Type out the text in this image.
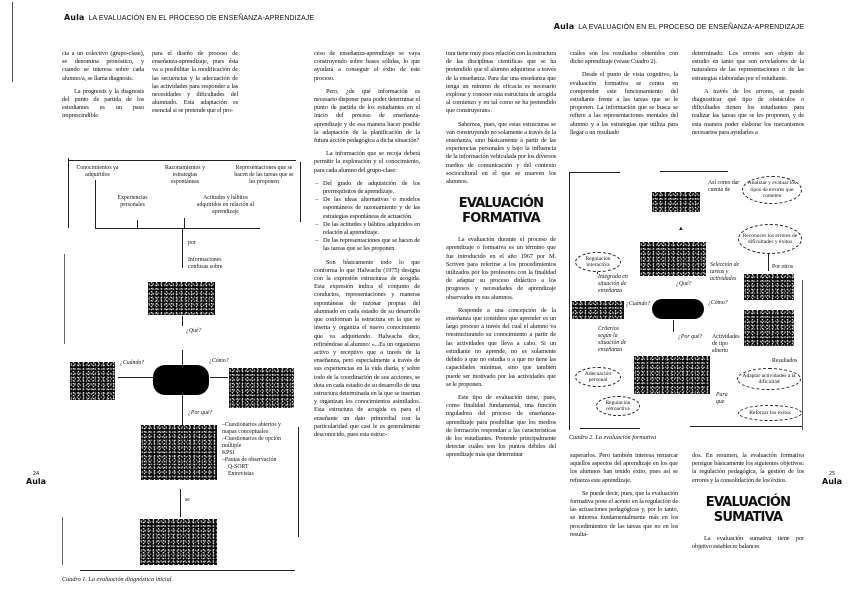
Aula LA EVALUACIÓN EN EL PROCESO DE ENSEÑANZA-APRENDIZAJE

cia a un colectivo (grupo-clase), se denomina pronóstico, y cuando se interesa sobre cada alumno/a, se llama diagnosis.

La prognosis y la diagnosis del punto de partida de los estudiantes es un paso imprescindible

para el diseño de proceso de enseñanza-aprendizaje, pues ésta va a posibilitar la modificación de las secuencias y la adecuación de las actividades para responder a las necesidades y dificultades del alumnado. Esta adaptación es esencial si se pretende que el pro-

ceso de enseñanza-aprendizaje se vaya construyendo sobre bases sólidas, lo que ayudará a conseguir el éxito de este proceso.

Pero, ¿de qué información es necesario disponer para poder determinar el punto de partida de los estudiantes en el inicio del proceso de enseñanza-aprendizaje y de esa manera hacer posible la adaptación de la planificación de la futura acción pedagógica a dicha situación?

La información que se recoja deberá permitir la exploración y el conocimiento, para cada alumno del grupo-clase:

– Del grado de adquisición de los prerrequisitos de aprendizaje.
– De las ideas alternativas o modelos espontáneos de razonamiento y de las estrategias espontáneas de actuación.
– De las actitudes y hábitos adquiridos en relación al aprendizaje.
– De las representaciones que se hacen de las tareas que se les proponen.

Son básicamente todo lo que conforma lo que Halwachs (1975) designa con la expresión estructuras de acogida. Esta expresión indica el conjunto de conductos, representaciones y maneras espontáneas de razonar propias del alumnado en cada estadio de su desarrollo que conforman la estructura en la que se inserta y organiza el nuevo conocimiento que va adquiriendo. Halwachs dice, refiriéndose al alumno: «...Es un organismo activo y receptivo que a través de la enseñanza, pero especialmente a través de sus experiencias en la vida diaria, y sobre todo de la coordinación de sus acciones, se dota en cada estadio de su desarrollo de una estructura determinada en la que se insertan y organizan los conocimientos asimilados. Esta estructura de acogida es para el enseñante un dato primordial con la particularidad que casi le es generalmente desconocido, pues esta estruc-

Conocimientos ya adquiridos
Razonamientos y estrategias espontáneas
Representaciones que se hacen de las tareas que se les proponen
Experiencias personales
Actitudes y hábitos adquiridos en relación al aprendizaje
por
Informaciones confusas sobre
¿Qué?
¿Cuándo?	¿Cómo?
¿Por qué?
–Cuestionarios abiertos y mapas conceptuales
–Cuestionarios de opción múltiple
KPSI
–Pautas de observación
Q-SORT
Entrevistas
se
Cuadro 1. La evaluación diagnóstica inicial
24
Aula
Aula LA EVALUACIÓN EN EL PROCESO DE ENSEÑANZA-APRENDIZAJE

tura tiene muy poca relación con la estructura de las disciplinas científicas que se ha pretendido que el alumno adquiriese a través de la enseñanza. Para dar una enseñanza que tenga un mínimo de eficacia es necesario explorar y conocer esta estructura de acogida al comienzo y en tal como se ha pretendido que construyeran».

Sabemos, pues, que estas estructuras se van construyendo no solamente a través de la enseñanza, sino básicamente a partir de las experiencias personales y bajo la influencia de la información vehiculada por los diversos medios de comunicación y del contexto sociocultural en el que se mueven los alumnos.

EVALUACIÓN
FORMATIVA

La evaluación durante el proceso de aprendizaje o formativa es un término que fue introducido en el año 1967 por M. Scriven para referirse a los procedimientos utilizados por los profesores con la finalidad de adaptar su proceso didáctico a los progresos y necesidades de aprendizaje observados en sus alumnos.

Responde a una concepción de la enseñanza que considera que aprender es un largo proceso a través del cual el alumno va reestructurando su conocimiento a partir de las actividades que lleva a cabo. Si un estudiante no aprende, no es solamente debido a que no estudia o a que no tiene las capacidades mínimas, sino que también puede ser motivado por las actividades que se le proponen.

Este tipo de evaluación tiene, pues, como finalidad fundamental, una función reguladora del proceso de enseñanza-aprendizaje para posibilitar que los medios de formación respondan a las características de los estudiantes. Pretende principalmente detectar cuáles son los puntos débiles del aprendizaje más que determinar

cuáles son los resultados obtenidos con dicho aprendizaje (véase Cuadro 2).

Desde el punto de vista cognitivo, la evaluación formativa se centra en comprender este funcionamiento del estudiante frente a las tareas que se le proponen. La información que se busca se refiere a las representaciones mentales del alumno y a las estrategias que utiliza para llegar a un resultado

determinado. Los errores son objeto de estudio en tanto que son reveladores de la naturaleza de las representaciones o de las estrategias elaboradas por el estudiante.

A través de los errores, se puede diagnosticar qué tipo de obstáculos o dificultades tienen los estudiantes para realizar las tareas que se les proponen, y de esta manera poder elaborar los mecanismos necesarios para ayudarles a

Así como dar cuenta de
Analizar y evaluar los tipos de errores que cometen
▲
Reconocer los errores de dificultades y éxitos
Regulación interactiva	Por otros
Integrada en situación de enseñanza
Selección de tareas y actividades
¿Qué?
¿Cuándo?	¿Cómo?
Criterios según la situación de enseñanza
¿Por qué? Actividades de tipo abierto
Resultados
Adecuación personal
Adaptar actividades a la dificultad
Para que
Regulación retroactiva
Reforzar los éxitos
Cuadro 2. La evaluación formativa

superarlos. Pero también interesa remarcar aquellos aspectos del aprendizaje en los que los alumnos han tenido éxito, pues así se refuerza este aprendizaje.

Se puede decir, pues, que la evaluación formativa pone el acento en la regulación de las actuaciones pedagógicas y, por lo tanto, se interesa fundamentalmente más en los procedimientos de las tareas que no en los resulta-

dos. En resumen, la evaluación formativa persigue básicamente los siguientes objetivos: la regulación pedagógica, la gestión de los errores y la consolidación de los éxitos.

EVALUACIÓN
SUMATIVA

La evaluación sumativa tiene por objetivo establecer balances

25
Aula
